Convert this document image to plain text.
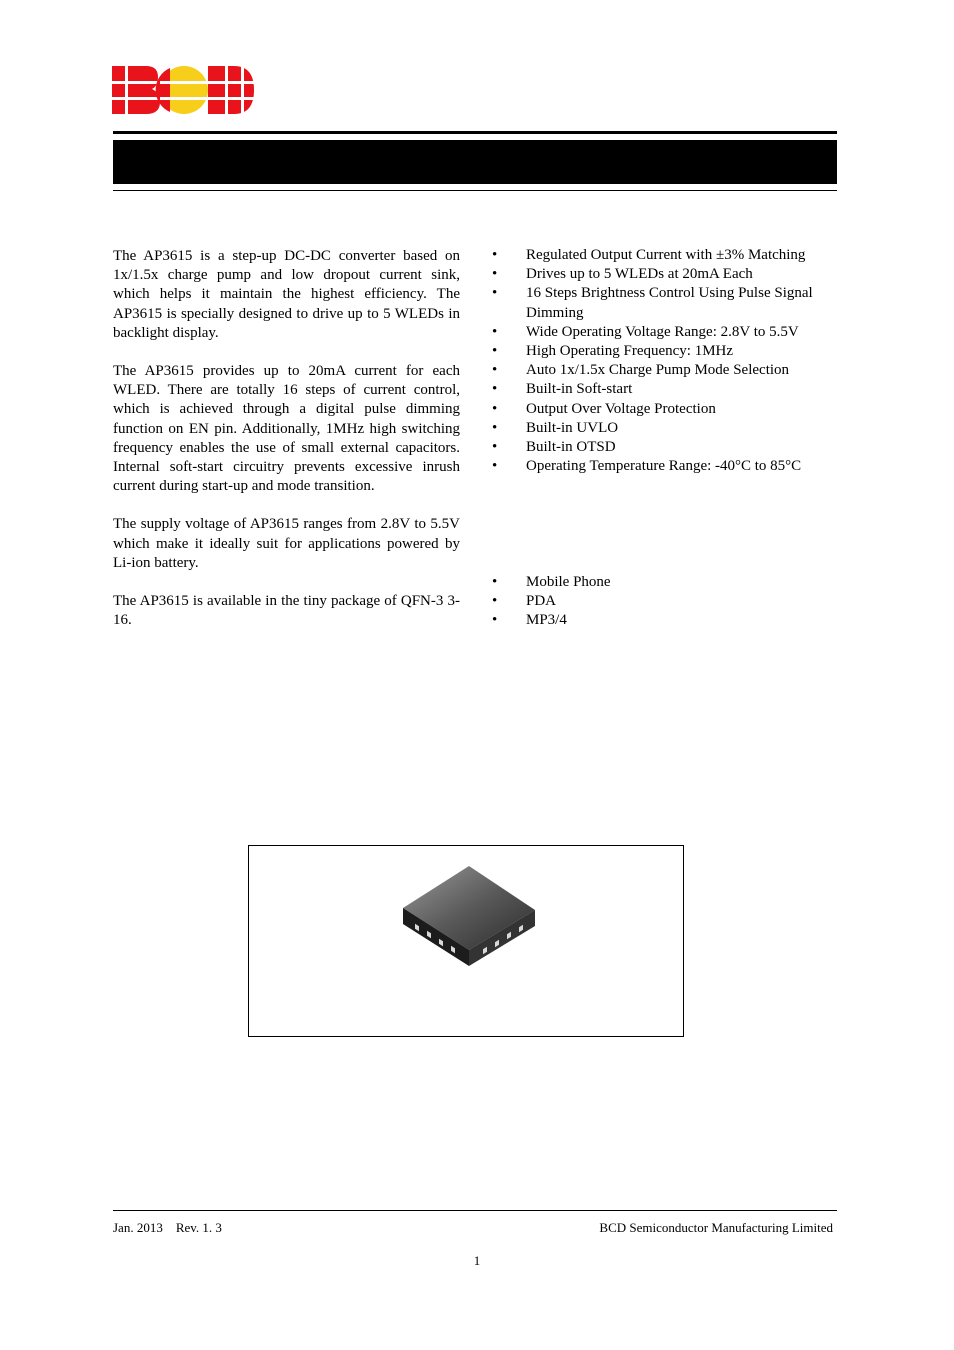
The AP3615 is a step-up DC-DC converter based on 1x/1.5x charge pump and low dropout current sink, which helps it maintain the highest efficiency. The AP3615 is specially designed to drive up to 5 WLEDs in backlight display.

The AP3615 provides up to 20mA current for each WLED. There are totally 16 steps of current control, which is achieved through a digital pulse dimming function on EN pin. Additionally, 1MHz high switching frequency enables the use of small external capacitors. Internal soft-start circuitry prevents excessive inrush current during start-up and mode transition.

The supply voltage of AP3615 ranges from 2.8V to 5.5V which make it ideally suit for applications powered by Li-ion battery.

The AP3615 is available in the tiny package of QFN-3 3-16.

• Regulated Output Current with ±3% Matching
• Drives up to 5 WLEDs at 20mA Each
• 16 Steps Brightness Control Using Pulse Signal Dimming
• Wide Operating Voltage Range: 2.8V to 5.5V
• High Operating Frequency: 1MHz
• Auto 1x/1.5x Charge Pump Mode Selection
• Built-in Soft-start
• Output Over Voltage Protection
• Built-in UVLO
• Built-in OTSD
• Operating Temperature Range: -40°C to 85°C
• Mobile Phone
• PDA
• MP3/4
Jan. 2013    Rev. 1. 3	BCD Semiconductor Manufacturing Limited
1
